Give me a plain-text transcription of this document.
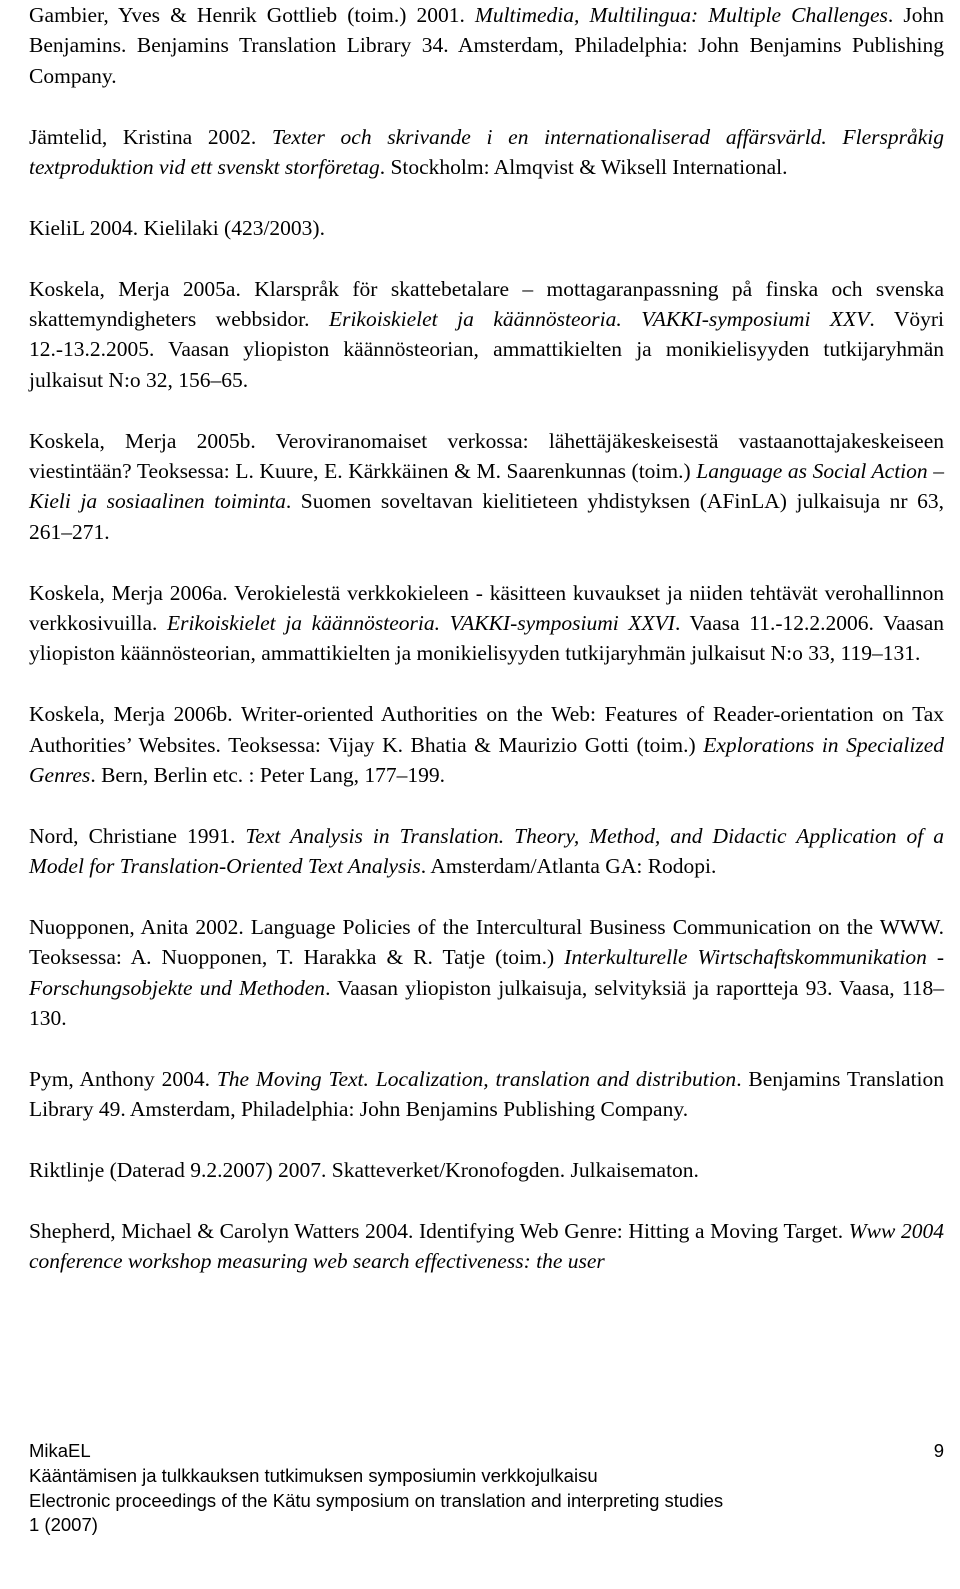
Gambier, Yves & Henrik Gottlieb (toim.) 2001. Multimedia, Multilingua: Multiple Challenges. John Benjamins. Benjamins Translation Library 34. Amsterdam, Philadelphia: John Benjamins Publishing Company.

Jämtelid, Kristina 2002. Texter och skrivande i en internationaliserad affärsvärld. Flerspråkig textproduktion vid ett svenskt storföretag. Stockholm: Almqvist & Wiksell International.

KieliL 2004. Kielilaki (423/2003).

Koskela, Merja 2005a. Klarspråk för skattebetalare – mottagaranpassning på finska och svenska skattemyndigheters webbsidor. Erikoiskielet ja käännösteoria. VAKKI-symposiumi XXV. Vöyri 12.-13.2.2005. Vaasan yliopiston käännösteorian, ammattikielten ja monikielisyyden tutkijaryhmän julkaisut N:o 32, 156–65.

Koskela, Merja 2005b. Veroviranomaiset verkossa: lähettäjäkeskeisestä vastaanottajakeskeiseen viestintään? Teoksessa: L. Kuure, E. Kärkkäinen & M. Saarenkunnas (toim.) Language as Social Action – Kieli ja sosiaalinen toiminta. Suomen soveltavan kielitieteen yhdistyksen (AFinLA) julkaisuja nr 63, 261–271.

Koskela, Merja 2006a. Verokielestä verkkokieleen - käsitteen kuvaukset ja niiden tehtävät verohallinnon verkkosivuilla. Erikoiskielet ja käännösteoria. VAKKI-symposiumi XXVI. Vaasa 11.-12.2.2006. Vaasan yliopiston käännösteorian, ammattikielten ja monikielisyyden tutkijaryhmän julkaisut N:o 33, 119–131.

Koskela, Merja 2006b. Writer-oriented Authorities on the Web: Features of Reader-orientation on Tax Authorities’ Websites. Teoksessa: Vijay K. Bhatia & Maurizio Gotti (toim.) Explorations in Specialized Genres. Bern, Berlin etc. : Peter Lang, 177–199.

Nord, Christiane 1991. Text Analysis in Translation. Theory, Method, and Didactic Application of a Model for Translation-Oriented Text Analysis. Amsterdam/Atlanta GA: Rodopi.

Nuopponen, Anita 2002. Language Policies of the Intercultural Business Communication on the WWW. Teoksessa: A. Nuopponen, T. Harakka & R. Tatje (toim.) Interkulturelle Wirtschaftskommunikation - Forschungsobjekte und Methoden. Vaasan yliopiston julkaisuja, selvityksiä ja raportteja 93. Vaasa, 118–130.

Pym, Anthony 2004. The Moving Text. Localization, translation and distribution. Benjamins Translation Library 49. Amsterdam, Philadelphia: John Benjamins Publishing Company.

Riktlinje (Daterad 9.2.2007) 2007. Skatteverket/Kronofogden. Julkaisematon.

Shepherd, Michael & Carolyn Watters 2004. Identifying Web Genre: Hitting a Moving Target. Www 2004 conference workshop measuring web search effectiveness: the user

MikaEL	9
Kääntämisen ja tulkkauksen tutkimuksen symposiumin verkkojulkaisu
Electronic proceedings of the Kätu symposium on translation and interpreting studies
1 (2007)
